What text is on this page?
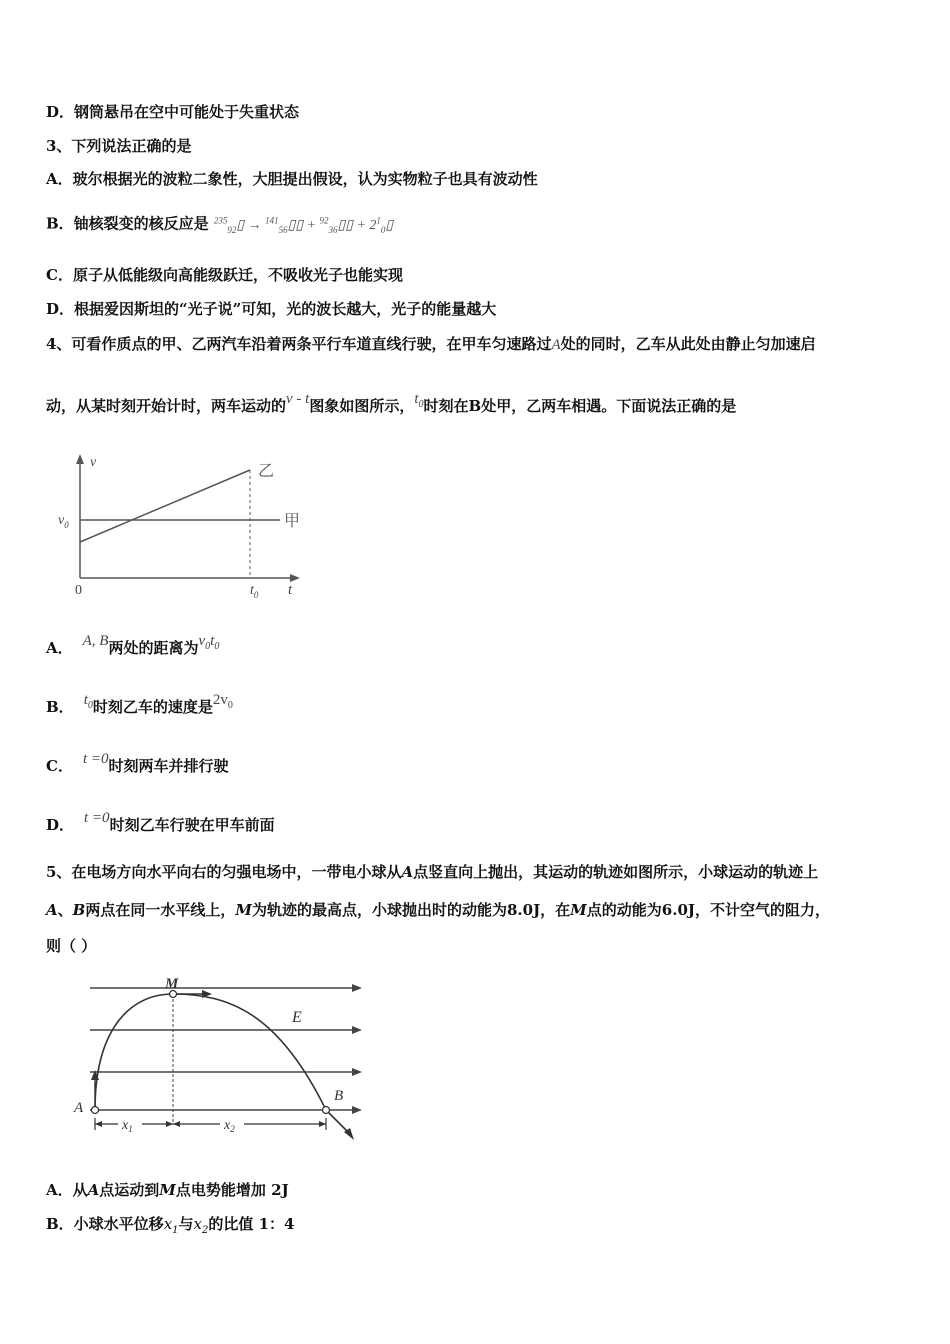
D．钢筒悬吊在空中可能处于失重状态
3、下列说法正确的是
A．玻尔根据光的波粒二象性，大胆提出假设，认为实物粒子也具有波动性
B．铀核裂变的核反应是 $^{235}_{92}$▯ → $^{141}_{56}$▯▯ + $^{92}_{36}$▯▯ + $2^1_0▯$
C．原子从低能级向高能级跃迁，不吸收光子也能实现
D．根据爱因斯坦的“光子说”可知，光的波长越大，光子的能量越大
4、可看作质点的甲、乙两汽车沿着两条平行车道直线行驶，在甲车匀速路过A处的同时，乙车从此处由静止匀加速启
动，从某时刻开始计时，两车运动的v - t图象如图所示，$t_0$时刻在B处甲，乙两车相遇。下面说法正确的是
v
t
0
$v_0$
$t_0$
甲
乙
A． A, B两处的距离为$v_0t_0$
B． $t_0$时刻乙车的速度是$2v_0$
C． t =0时刻两车并排行驶
D． t =0时刻乙车行驶在甲车前面
5、在电场方向水平向右的匀强电场中，一带电小球从A点竖直向上抛出，其运动的轨迹如图所示，小球运动的轨迹上
A、B两点在同一水平线上，M为轨迹的最高点，小球抛出时的动能为8.0J，在M点的动能为6.0J，不计空气的阻力，
则（ ）
M
E
A
B
$x_1$	$x_2$
A．从A点运动到M点电势能增加 2J
B．小球水平位移$x_1$与$x_2$的比值 1：4
